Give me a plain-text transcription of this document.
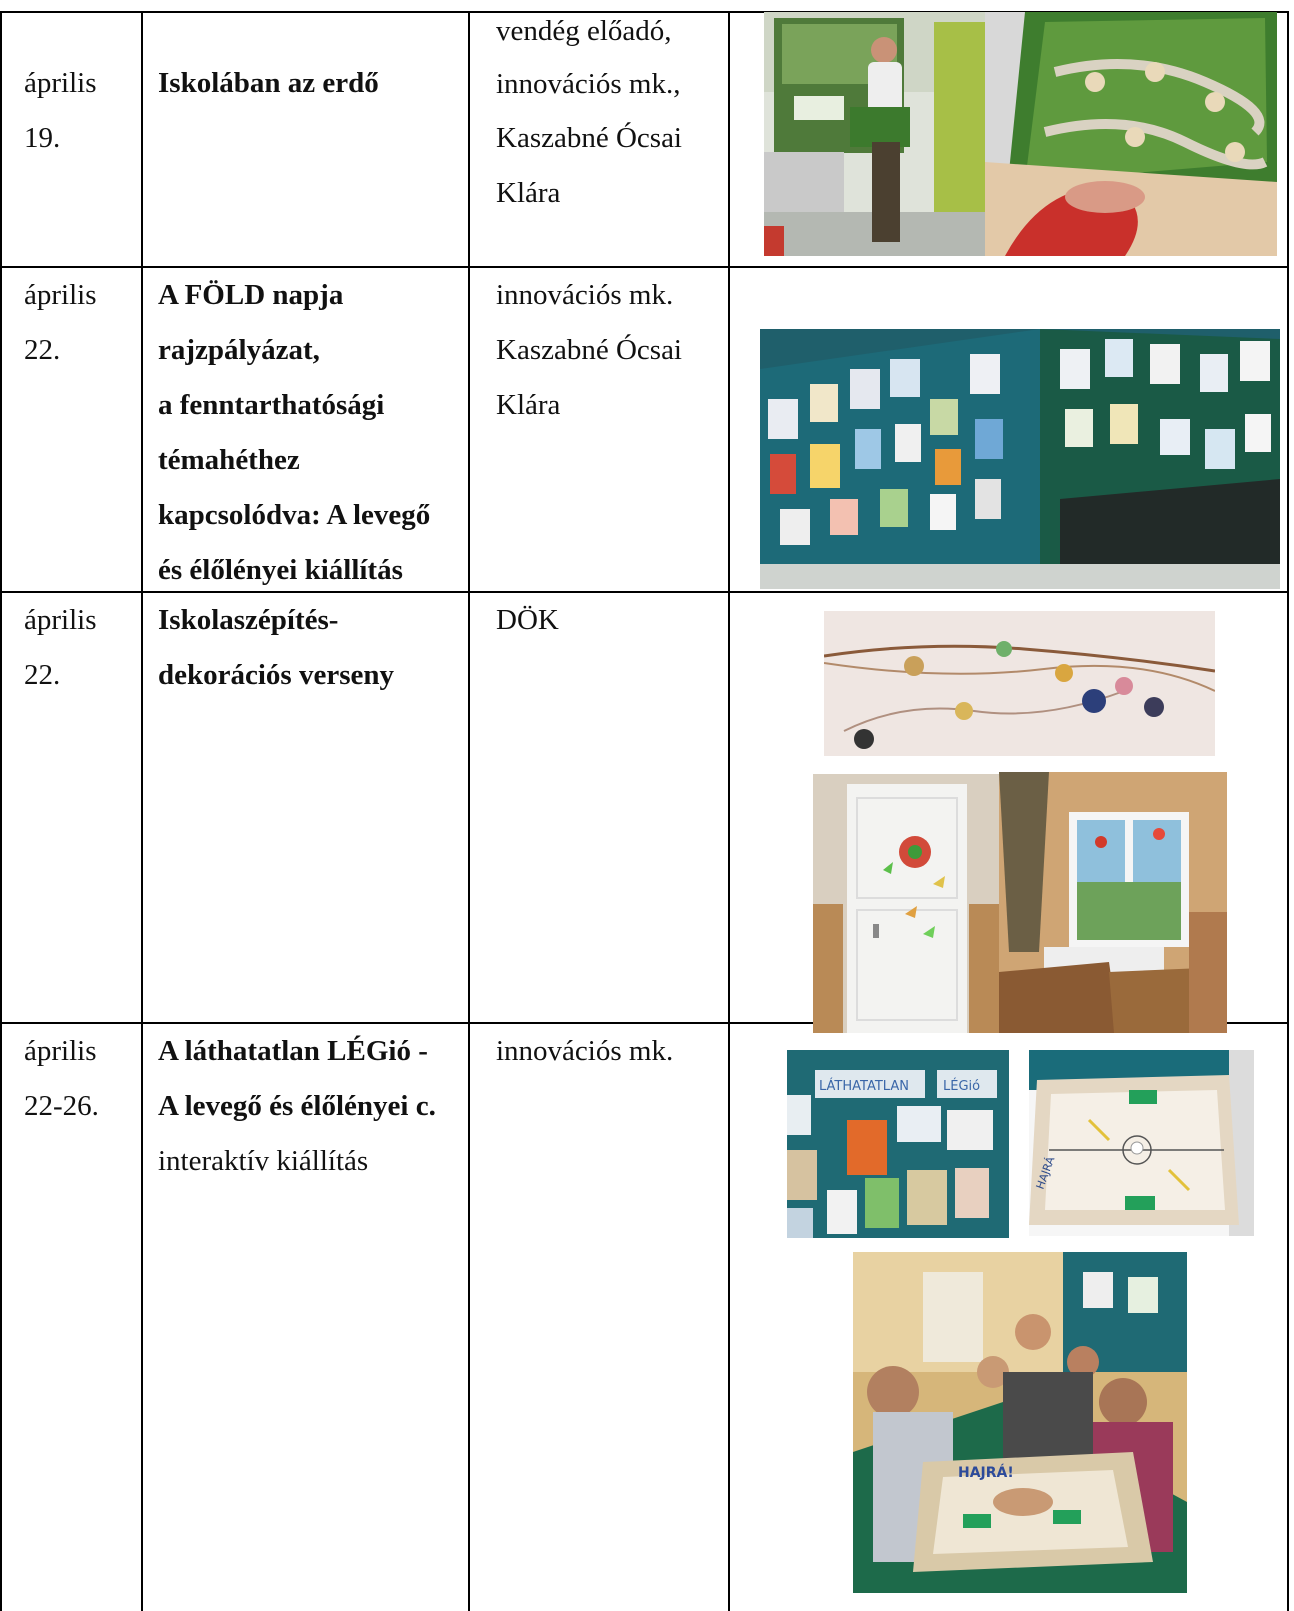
április
19.
Iskolában az erdő
vendég előadó,
innovációs mk.,
Kaszabné Ócsai
Klára
április
22.
A FÖLD napja
rajzpályázat,
a fenntarthatósági
témahéthez
kapcsolódva: A levegő
és élőlényei kiállítás
innovációs mk.
Kaszabné Ócsai
Klára
április
22.
Iskolaszépítés-
dekorációs verseny
DÖK
április
22-26.
A láthatatlan LÉGió -
A levegő és élőlényei c.
interaktív kiállítás
innovációs mk.
LÁTHATATLAN	LÉGió
HAJRÁ
HAJRÁ!
